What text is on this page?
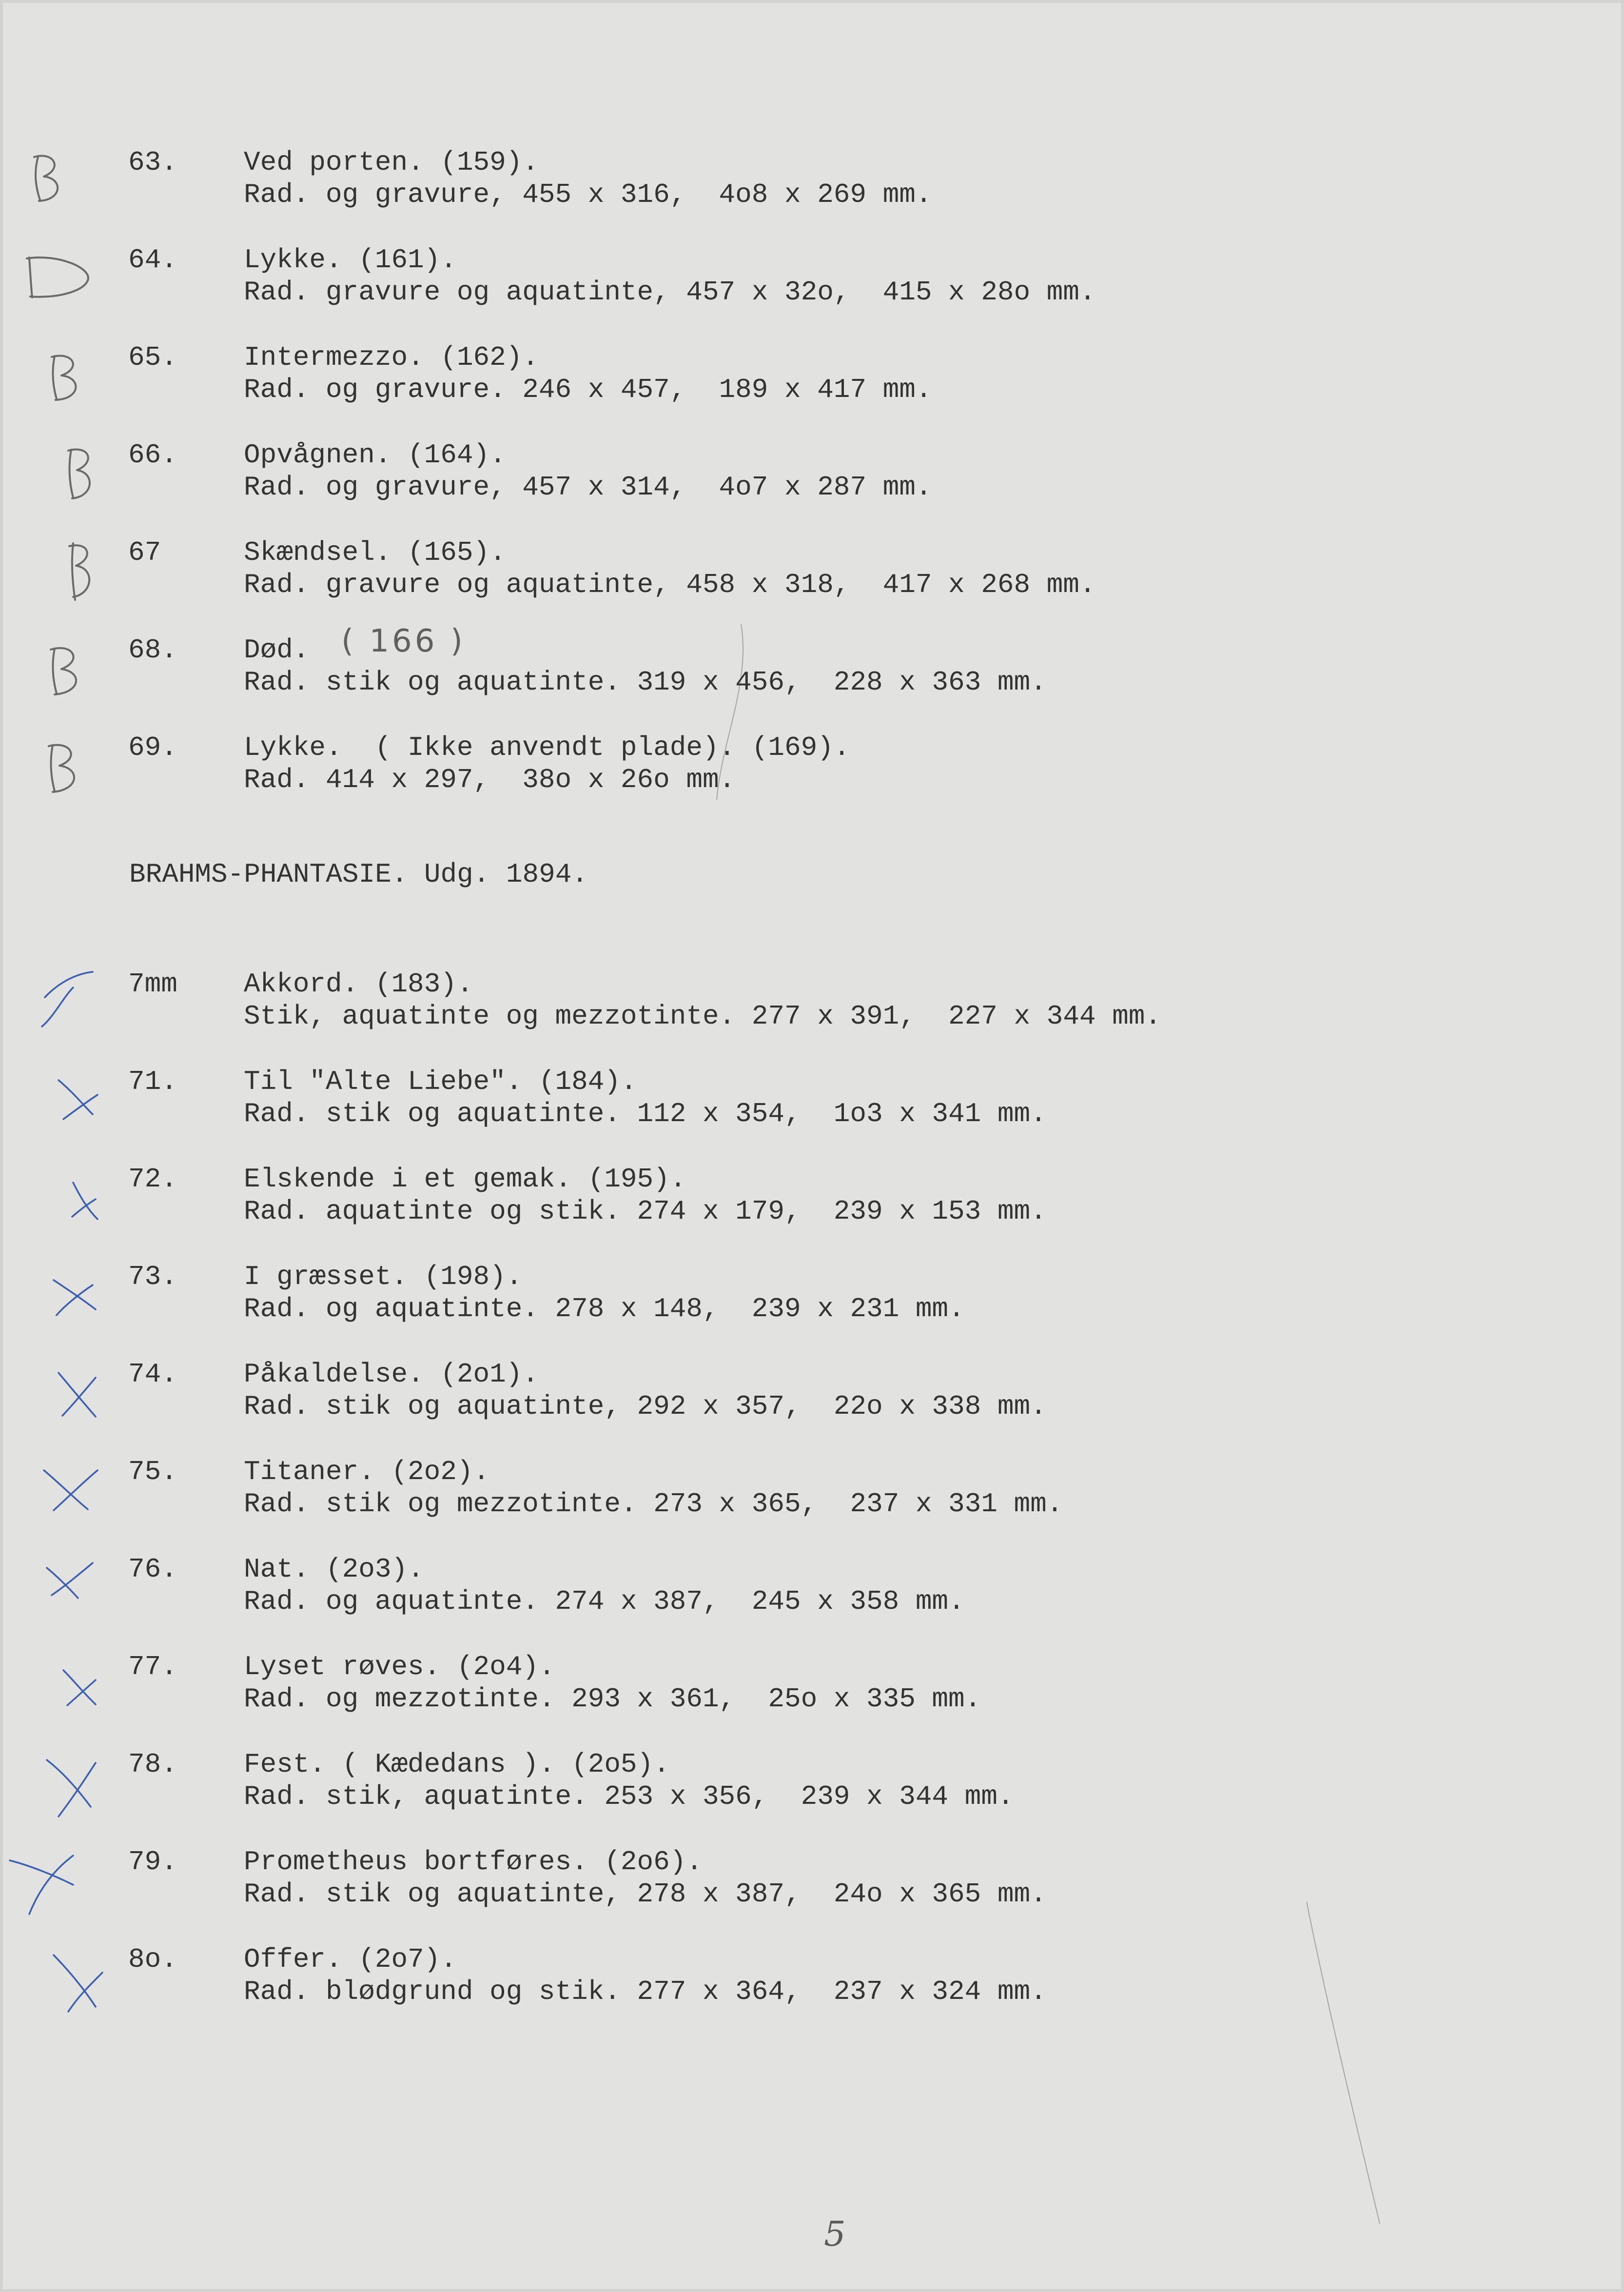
63. Ved porten. (159).
Rad. og gravure, 455 x 316,  4o8 x 269 mm.
64. Lykke. (161).
Rad. gravure og aquatinte, 457 x 32o,  415 x 28o mm.
65. Intermezzo. (162).
Rad. og gravure. 246 x 457,  189 x 417 mm.
66. Opvågnen. (164).
Rad. og gravure, 457 x 314,  4o7 x 287 mm.
67	Skændsel. (165).
Rad. gravure og aquatinte, 458 x 318,  417 x 268 mm.
68. Død. ( 166 )
Rad. stik og aquatinte. 319 x 456,  228 x 363 mm.
69. Lykke.  ( Ikke anvendt plade). (169).
Rad. 414 x 297,  38o x 26o mm.
BRAHMS-PHANTASIE. Udg. 1894.
7mm Akkord. (183).
Stik, aquatinte og mezzotinte. 277 x 391,  227 x 344 mm.
71. Til "Alte Liebe". (184).
Rad. stik og aquatinte. 112 x 354,  1o3 x 341 mm.
72. Elskende i et gemak. (195).
Rad. aquatinte og stik. 274 x 179,  239 x 153 mm.
73. I græsset. (198).
Rad. og aquatinte. 278 x 148,  239 x 231 mm.
74. Påkaldelse. (2o1).
Rad. stik og aquatinte, 292 x 357,  22o x 338 mm.
75. Titaner. (2o2).
Rad. stik og mezzotinte. 273 x 365,  237 x 331 mm.
76. Nat. (2o3).
Rad. og aquatinte. 274 x 387,  245 x 358 mm.
77. Lyset røves. (2o4).
Rad. og mezzotinte. 293 x 361,  25o x 335 mm.
78. Fest. ( Kædedans ). (2o5).
Rad. stik, aquatinte. 253 x 356,  239 x 344 mm.
79. Prometheus bortføres. (2o6).
Rad. stik og aquatinte, 278 x 387,  24o x 365 mm.
8o. Offer. (2o7).
Rad. blødgrund og stik. 277 x 364,  237 x 324 mm.
5
